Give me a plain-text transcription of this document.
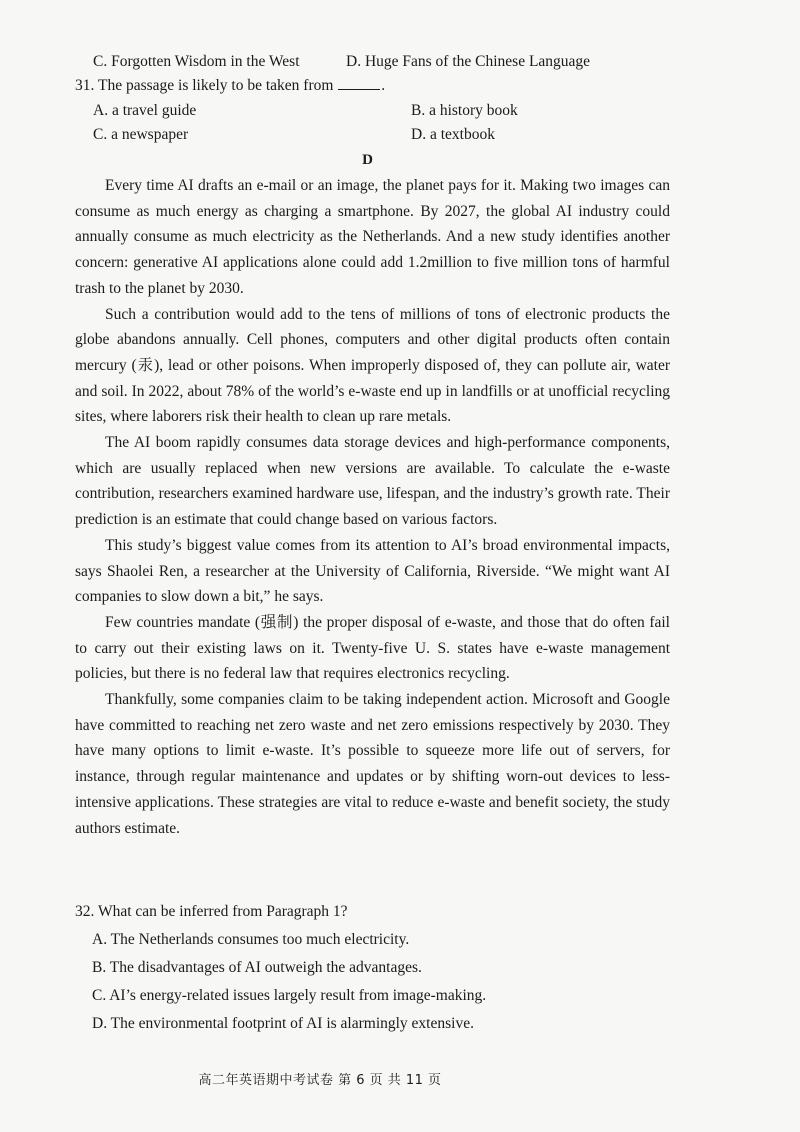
C. Forgotten Wisdom in the West	D. Huge Fans of the Chinese Language
31. The passage is likely to be taken from	.
A. a travel guide	B. a history book
C. a newspaper	D. a textbook
D

Every time AI drafts an e-mail or an image, the planet pays for it. Making two images can consume as much energy as charging a smartphone. By 2027, the global AI industry could annually consume as much electricity as the Netherlands. And a new study identifies another concern: generative AI applications alone could add 1.2million to five million tons of harmful trash to the planet by 2030.

Such a contribution would add to the tens of millions of tons of electronic products the globe abandons annually. Cell phones, computers and other digital products often contain mercury (汞), lead or other poisons. When improperly disposed of, they can pollute air, water and soil. In 2022, about 78% of the world’s e-waste end up in landfills or at unofficial recycling sites, where laborers risk their health to clean up rare metals.

The AI boom rapidly consumes data storage devices and high-performance components, which are usually replaced when new versions are available. To calculate the e-waste contribution, researchers examined hardware use, lifespan, and the industry’s growth rate. Their prediction is an estimate that could change based on various factors.

This study’s biggest value comes from its attention to AI’s broad environmental impacts, says Shaolei Ren, a researcher at the University of California, Riverside. “We might want AI companies to slow down a bit,” he says.

Few countries mandate (强制) the proper disposal of e-waste, and those that do often fail to carry out their existing laws on it. Twenty-five U. S. states have e-waste management policies, but there is no federal law that requires electronics recycling.

Thankfully, some companies claim to be taking independent action. Microsoft and Google have committed to reaching net zero waste and net zero emissions respectively by 2030. They have many options to limit e-waste. It’s possible to squeeze more life out of servers, for instance, through regular maintenance and updates or by shifting worn-out devices to less-intensive applications. These strategies are vital to reduce e-waste and benefit society, the study authors estimate.

32. What can be inferred from Paragraph 1?
A. The Netherlands consumes too much electricity.
B. The disadvantages of AI outweigh the advantages.
C. AI’s energy-related issues largely result from image-making.
D. The environmental footprint of AI is alarmingly extensive.
高二年英语期中考试卷 第 6 页 共 11 页
